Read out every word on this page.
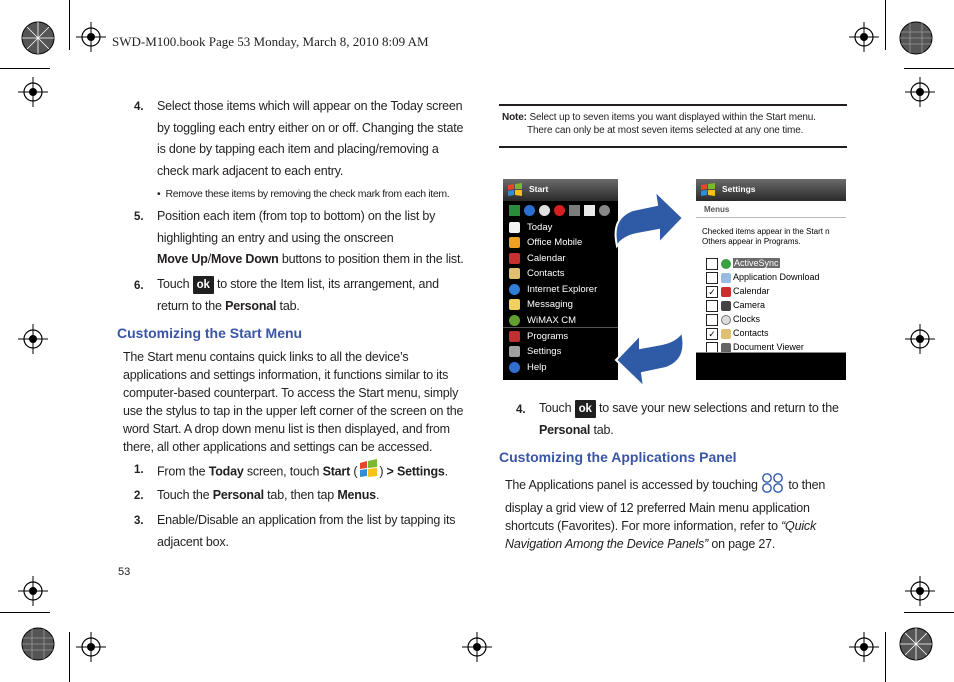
SWD-M100.book Page 53 Monday, March 8, 2010 8:09 AM
4. Select those items which will appear on the Today screen
by toggling each entry either on or off. Changing the state
is done by tapping each item and placing/removing a
check mark adjacent to each entry.
• Remove these items by removing the check mark from each item.
5. Position each item (from top to bottom) on the list by
highlighting an entry and using the onscreen
Move Up/Move Down buttons to position them in the list.
6. Touch ok to store the Item list, its arrangement, and
return to the Personal tab.
Customizing the Start Menu
The Start menu contains quick links to all the device’s
applications and settings information, it functions similar to its
computer-based counterpart. To access the Start menu, simply
use the stylus to tap in the upper left corner of the screen on the
word Start. A drop down menu list is then displayed, and from
there, all other applications and settings can be accessed.
1. From the Today screen, touch Start ( ) > Settings.
2. Touch the Personal tab, then tap Menus.
3. Enable/Disable an application from the list by tapping its
adjacent box.
53
Note: Select up to seven items you want displayed within the Start menu.
There can only be at most seven items selected at any one time.
Start
Today
Office Mobile
Calendar
Contacts
Internet Explorer
Messaging
WiMAX CM
Programs
Settings
Help
Settings
Menus
Checked items appear in the Start n
Others appear in Programs.
ActiveSync
Application Download
✓ Calendar
Camera
Clocks
✓ Contacts
Document Viewer
4. Touch ok to save your new selections and return to the
Personal tab.
Customizing the Applications Panel
The Applications panel is accessed by touching to then
display a grid view of 12 preferred Main menu application
shortcuts (Favorites). For more information, refer to “Quick
Navigation Among the Device Panels” on page 27.
